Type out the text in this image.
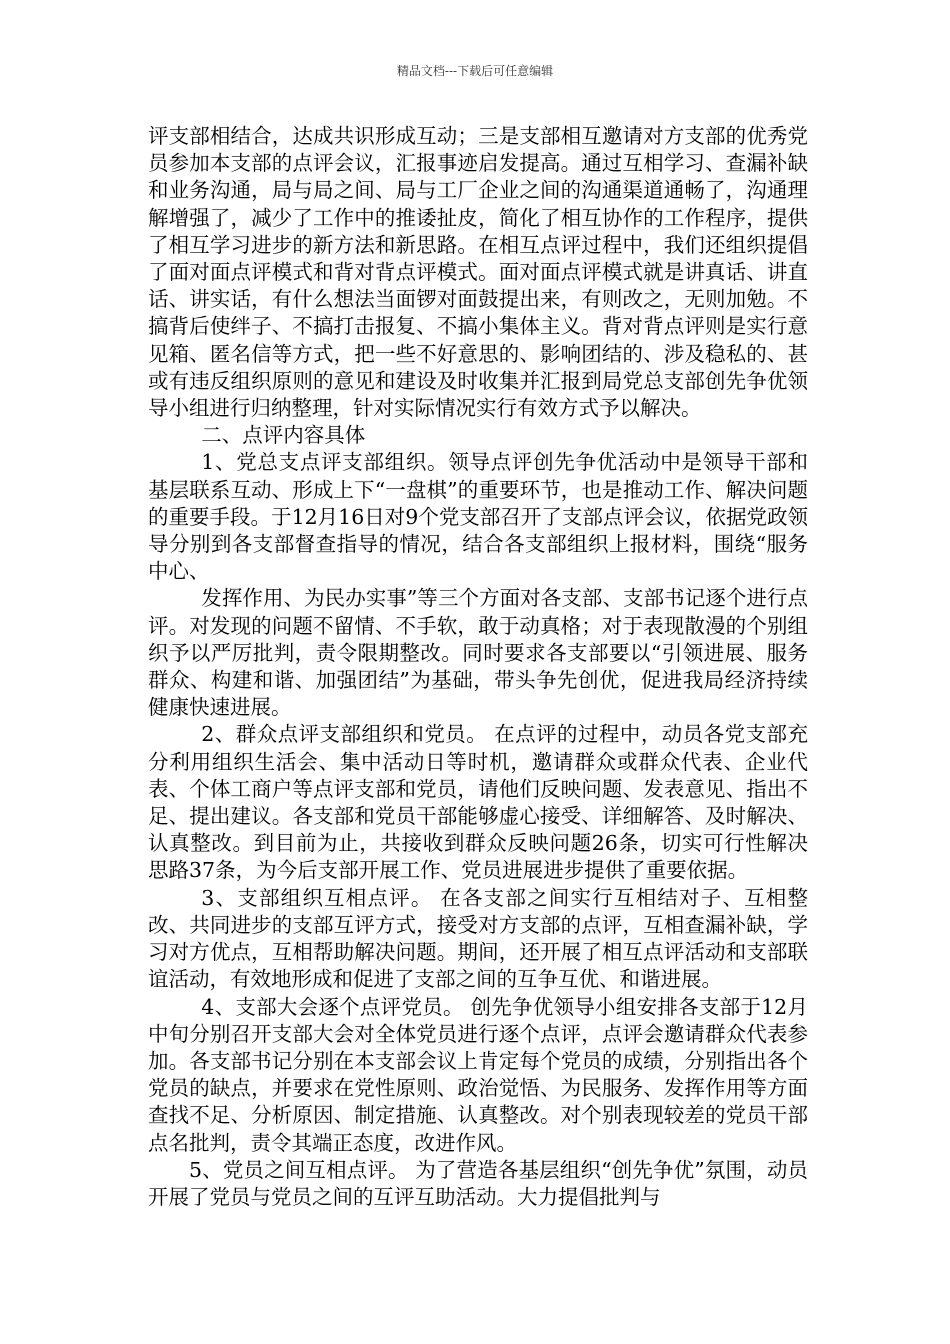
精品文档---下载后可任意编辑

评支部相结合，达成共识形成互动；三是支部相互邀请对方支部的优秀党员参加本支部的点评会议，汇报事迹启发提高。通过互相学习、查漏补缺和业务沟通，局与局之间、局与工厂企业之间的沟通渠道通畅了，沟通理解增强了，减少了工作中的推诿扯皮，简化了相互协作的工作程序，提供了相互学习进步的新方法和新思路。在相互点评过程中，我们还组织提倡了面对面点评模式和背对背点评模式。面对面点评模式就是讲真话、讲直话、讲实话，有什么想法当面锣对面鼓提出来，有则改之，无则加勉。不搞背后使绊子、不搞打击报复、不搞小集体主义。背对背点评则是实行意见箱、匿名信等方式，把一些不好意思的、影响团结的、涉及稳私的、甚或有违反组织原则的意见和建设及时收集并汇报到局党总支部创先争优领导小组进行归纳整理，针对实际情况实行有效方式予以解决。

二、点评内容具体

1、党总支点评支部组织。领导点评创先争优活动中是领导干部和基层联系互动、形成上下“一盘棋”的重要环节，也是推动工作、解决问题的重要手段。于12月16日对9个党支部召开了支部点评会议，依据党政领导分别到各支部督查指导的情况，结合各支部组织上报材料，围绕“服务中心、

发挥作用、为民办实事”等三个方面对各支部、支部书记逐个进行点评。对发现的问题不留情、不手软，敢于动真格；对于表现散漫的个别组织予以严厉批判，责令限期整改。同时要求各支部要以“引领进展、服务群众、构建和谐、加强团结”为基础，带头争先创优，促进我局经济持续健康快速进展。

2、群众点评支部组织和党员。 在点评的过程中，动员各党支部充分利用组织生活会、集中活动日等时机，邀请群众或群众代表、企业代表、个体工商户等点评支部和党员，请他们反映问题、发表意见、指出不足、提出建议。各支部和党员干部能够虚心接受、详细解答、及时解决、认真整改。到目前为止，共接收到群众反映问题26条，切实可行性解决思路37条，为今后支部开展工作、党员进展进步提供了重要依据。

3、支部组织互相点评。 在各支部之间实行互相结对子、互相整改、共同进步的支部互评方式，接受对方支部的点评，互相查漏补缺，学习对方优点，互相帮助解决问题。期间，还开展了相互点评活动和支部联谊活动，有效地形成和促进了支部之间的互争互优、和谐进展。

4、支部大会逐个点评党员。 创先争优领导小组安排各支部于12月中旬分别召开支部大会对全体党员进行逐个点评，点评会邀请群众代表参加。各支部书记分别在本支部会议上肯定每个党员的成绩，分别指出各个党员的缺点，并要求在党性原则、政治觉悟、为民服务、发挥作用等方面查找不足、分析原因、制定措施、认真整改。对个别表现较差的党员干部点名批判，责令其端正态度，改进作风。

5、党员之间互相点评。 为了营造各基层组织“创先争优”氛围，动员开展了党员与党员之间的互评互助活动。大力提倡批判与
